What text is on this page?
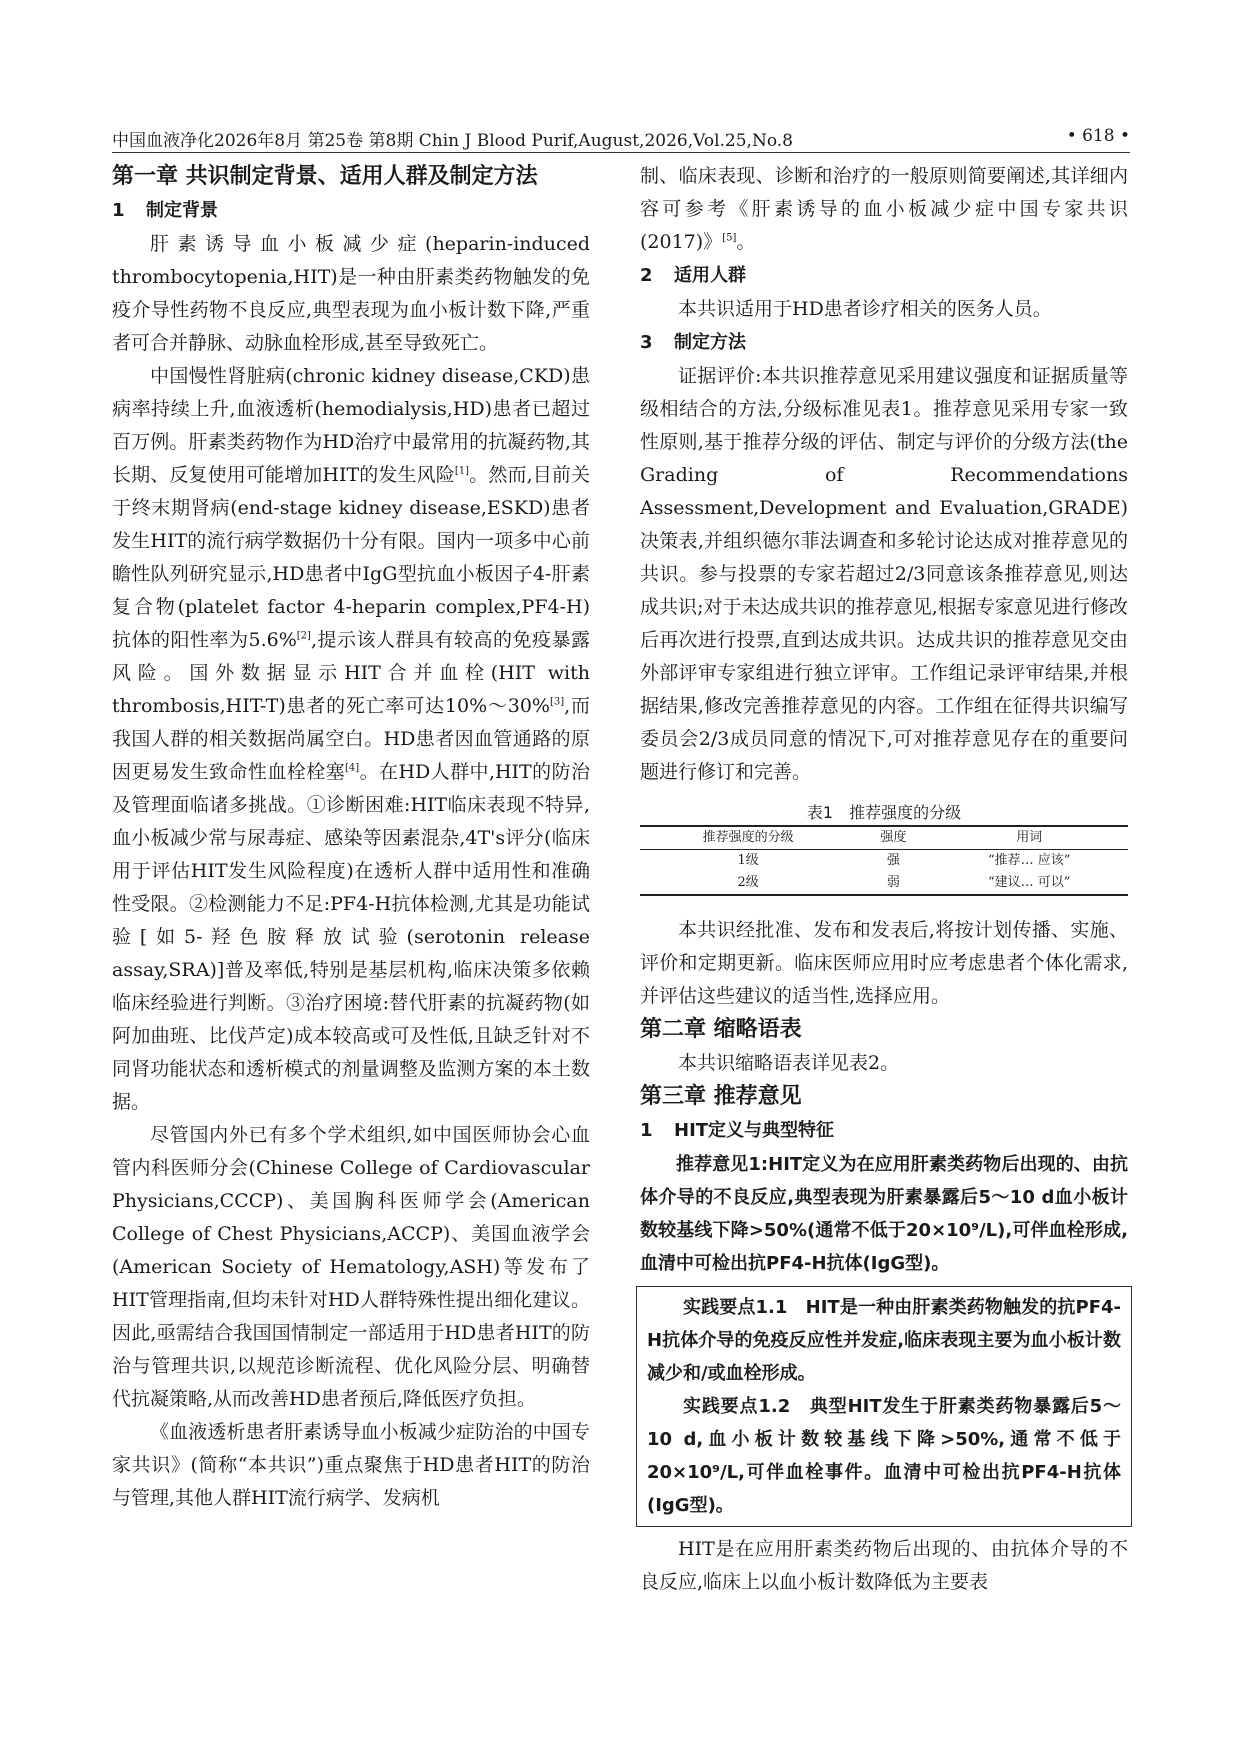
中国血液净化2026年8月 第25卷 第8期 Chin J Blood Purif,August,2026,Vol.25,No.8	• 618 •

第一章 共识制定背景、适用人群及制定方法

1 制定背景

肝素诱导血小板减少症(heparin-induced thrombocytopenia,HIT)是一种由肝素类药物触发的免疫介导性药物不良反应,典型表现为血小板计数下降,严重者可合并静脉、动脉血栓形成,甚至导致死亡。

中国慢性肾脏病(chronic kidney disease,CKD)患病率持续上升,血液透析(hemodialysis,HD)患者已超过百万例。肝素类药物作为HD治疗中最常用的抗凝药物,其长期、反复使用可能增加HIT的发生风险[1]。然而,目前关于终末期肾病(end-stage kidney disease,ESKD)患者发生HIT的流行病学数据仍十分有限。国内一项多中心前瞻性队列研究显示,HD患者中IgG型抗血小板因子4-肝素复合物(platelet factor 4-heparin complex,PF4-H)抗体的阳性率为5.6%[2],提示该人群具有较高的免疫暴露风险。国外数据显示HIT合并血栓(HIT with thrombosis,HIT-T)患者的死亡率可达10%～30%[3],而我国人群的相关数据尚属空白。HD患者因血管通路的原因更易发生致命性血栓栓塞[4]。在HD人群中,HIT的防治及管理面临诸多挑战。①诊断困难:HIT临床表现不特异,血小板减少常与尿毒症、感染等因素混杂,4T's评分(临床用于评估HIT发生风险程度)在透析人群中适用性和准确性受限。②检测能力不足:PF4-H抗体检测,尤其是功能试验[如5-羟色胺释放试验(serotonin release assay,SRA)]普及率低,特别是基层机构,临床决策多依赖临床经验进行判断。③治疗困境:替代肝素的抗凝药物(如阿加曲班、比伐芦定)成本较高或可及性低,且缺乏针对不同肾功能状态和透析模式的剂量调整及监测方案的本土数据。

尽管国内外已有多个学术组织,如中国医师协会心血管内科医师分会(Chinese College of Cardiovascular Physicians,CCCP)、美国胸科医师学会(American College of Chest Physicians,ACCP)、美国血液学会(American Society of Hematology,ASH)等发布了HIT管理指南,但均未针对HD人群特殊性提出细化建议。因此,亟需结合我国国情制定一部适用于HD患者HIT的防治与管理共识,以规范诊断流程、优化风险分层、明确替代抗凝策略,从而改善HD患者预后,降低医疗负担。

《血液透析患者肝素诱导血小板减少症防治的中国专家共识》(简称“本共识”)重点聚焦于HD患者HIT的防治与管理,其他人群HIT流行病学、发病机

制、临床表现、诊断和治疗的一般原则简要阐述,其详细内容可参考《肝素诱导的血小板减少症中国专家共识(2017)》[5]。

2 适用人群

本共识适用于HD患者诊疗相关的医务人员。

3 制定方法

证据评价:本共识推荐意见采用建议强度和证据质量等级相结合的方法,分级标准见表1。推荐意见采用专家一致性原则,基于推荐分级的评估、制定与评价的分级方法(the Grading of Recommendations Assessment,Development and Evaluation,GRADE)决策表,并组织德尔菲法调查和多轮讨论达成对推荐意见的共识。参与投票的专家若超过2/3同意该条推荐意见,则达成共识;对于未达成共识的推荐意见,根据专家意见进行修改后再次进行投票,直到达成共识。达成共识的推荐意见交由外部评审专家组进行独立评审。工作组记录评审结果,并根据结果,修改完善推荐意见的内容。工作组在征得共识编写委员会2/3成员同意的情况下,可对推荐意见存在的重要问题进行修订和完善。

表1　推荐强度的分级
推荐强度的分级	强度	用词
1级	强	“推荐… 应该”
2级	弱	“建议… 可以”

本共识经批准、发布和发表后,将按计划传播、实施、评价和定期更新。临床医师应用时应考虑患者个体化需求,并评估这些建议的适当性,选择应用。

第二章 缩略语表

本共识缩略语表详见表2。

第三章 推荐意见

1 HIT定义与典型特征

推荐意见1:HIT定义为在应用肝素类药物后出现的、由抗体介导的不良反应,典型表现为肝素暴露后5～10 d血小板计数较基线下降>50%(通常不低于20×10⁹/L),可伴血栓形成,血清中可检出抗PF4-H抗体(IgG型)。

实践要点1.1　HIT是一种由肝素类药物触发的抗PF4-H抗体介导的免疫反应性并发症,临床表现主要为血小板计数减少和/或血栓形成。

实践要点1.2　典型HIT发生于肝素类药物暴露后5～10 d,血小板计数较基线下降>50%,通常不低于20×10⁹/L,可伴血栓事件。血清中可检出抗PF4-H抗体(IgG型)。

HIT是在应用肝素类药物后出现的、由抗体介导的不良反应,临床上以血小板计数降低为主要表
